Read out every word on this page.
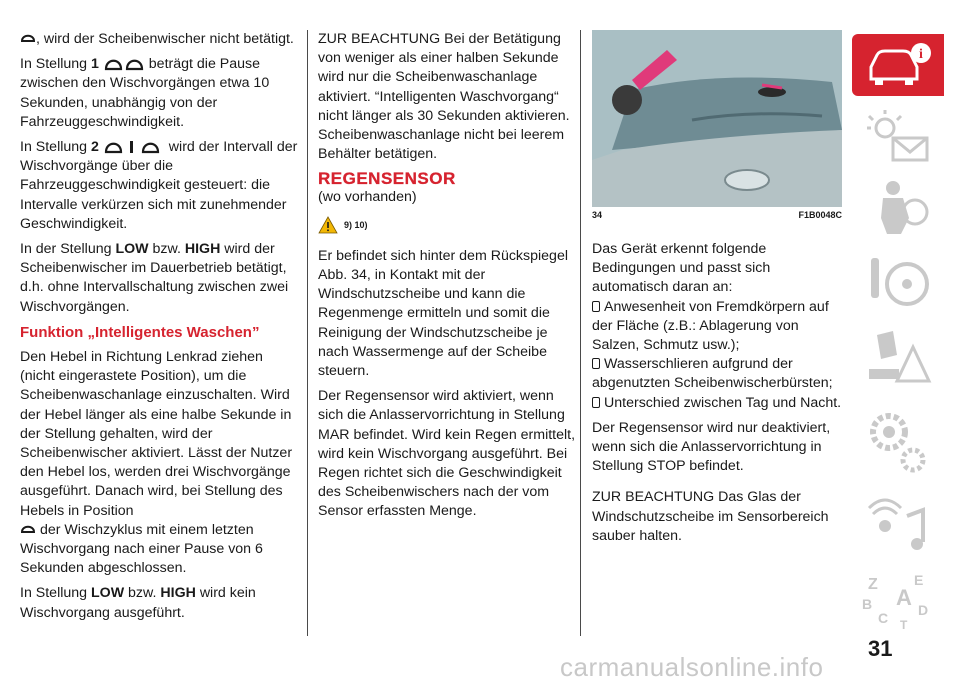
, wird der Scheibenwischer nicht betätigt.

In Stellung 1	beträgt die Pause zwischen den Wischvorgängen etwa 10 Sekunden, unabhängig von der Fahrzeuggeschwindigkeit.

In Stellung 2	wird der Intervall der Wischvorgänge über die Fahrzeuggeschwindigkeit gesteuert: die Intervalle verkürzen sich mit zunehmender Geschwindigkeit.

In der Stellung LOW bzw. HIGH wird der Scheibenwischer im Dauerbetrieb betätigt, d.h. ohne Intervallschaltung zwischen zwei Wischvorgängen.

Funktion „Intelligentes Waschen”

Den Hebel in Richtung Lenkrad ziehen (nicht eingerastete Position), um die Scheibenwaschanlage einzuschalten. Wird der Hebel länger als eine halbe Sekunde in der Stellung gehalten, wird der Scheibenwischer aktiviert. Lässt der Nutzer den Hebel los, werden drei Wischvorgänge ausgeführt. Danach wird, bei Stellung des Hebels in Position
der Wischzyklus mit einem letzten Wischvorgang nach einer Pause von 6 Sekunden abgeschlossen.

In Stellung LOW bzw. HIGH wird kein Wischvorgang ausgeführt.

ZUR BEACHTUNG Bei der Betätigung von weniger als einer halben Sekunde wird nur die Scheibenwaschanlage aktiviert. “Intelligenten Waschvorgang“ nicht länger als 30 Sekunden aktivieren. Scheibenwaschanlage nicht bei leerem Behälter betätigen.

REGENSENSOR
(wo vorhanden)
9) 10)

Er befindet sich hinter dem Rückspiegel Abb. 34, in Kontakt mit der Windschutzscheibe und kann die Regenmenge ermitteln und somit die Reinigung der Windschutzscheibe je nach Wassermenge auf der Scheibe steuern.

Der Regensensor wird aktiviert, wenn sich die Anlasservorrichtung in Stellung MAR befindet. Wird kein Regen ermittelt, wird kein Wischvorgang ausgeführt. Bei Regen richtet sich die Geschwindigkeit des Scheibenwischers nach der vom Sensor erfassten Menge.

34	F1B0048C

Das Gerät erkennt folgende Bedingungen und passt sich automatisch daran an:

Anwesenheit von Fremdkörpern auf der Fläche (z.B.: Ablagerung von Salzen, Schmutz usw.);
Wasserschlieren aufgrund der abgenutzten Scheibenwischerbürsten;
Unterschied zwischen Tag und Nacht.

Der Regensensor wird nur deaktiviert, wenn sich die Anlasservorrichtung in Stellung STOP befindet.

ZUR BEACHTUNG Das Glas der Windschutzscheibe im Sensorbereich sauber halten.

i
Z	E
B A
C D
T
31
carmanualsonline.info
